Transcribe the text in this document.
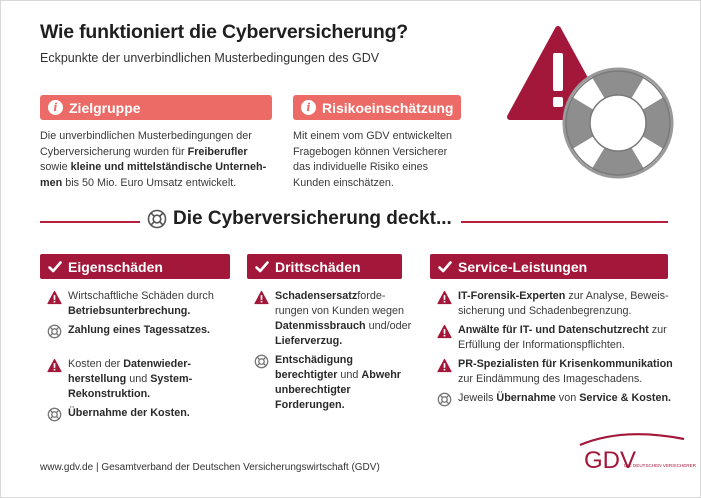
Wie funktioniert die Cyberversicherung?
Eckpunkte der unverbindlichen Musterbedingungen des GDV
i Zielgruppe
Die unverbindlichen Musterbedingungen der Cyberversicherung wurden für Freiberufler sowie kleine und mittelständische Unterneh-men bis 50 Mio. Euro Umsatz entwickelt.
i Risikoeinschätzung
Mit einem vom GDV entwickelten Fragebogen können Versicherer das individuelle Risiko eines Kunden einschätzen.
Die Cyberversicherung deckt...
Eigenschäden	Drittschäden	Service-Leistungen
Wirtschaftliche Schäden durch Betriebsunterbrechung.
Zahlung eines Tagessatzes.
Kosten der Datenwieder-herstellung und System-Rekonstruktion.
Übernahme der Kosten.
Schadensersatzforde-rungen von Kunden wegen Datenmissbrauch und/oder Lieferverzug.
Entschädigung berechtigter und Abwehr unberechtigter Forderungen.
IT-Forensik-Experten zur Analyse, Beweis-sicherung und Schadenbegrenzung.
Anwälte für IT- und Datenschutzrecht zur Erfüllung der Informationspflichten.
PR-Spezialisten für Krisenkommunikation zur Eindämmung des Imageschadens.
Jeweils Übernahme von Service & Kosten.
www.gdv.de | Gesamtverband der Deutschen Versicherungswirtschaft (GDV)	GDV
DIE DEUTSCHEN VERSICHERER
